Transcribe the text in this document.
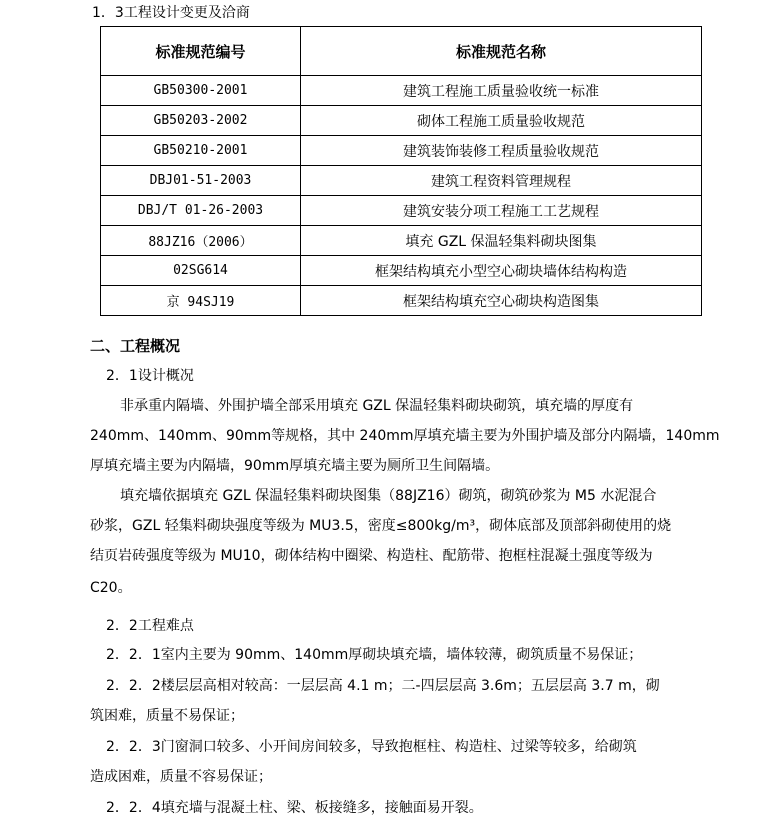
1．3工程设计变更及洽商
标准规范编号	标准规范名称
GB50300-2001	建筑工程施工质量验收统一标准
GB50203-2002	砌体工程施工质量验收规范
GB50210-2001	建筑装饰装修工程质量验收规范
DBJ01-51-2003	建筑工程资料管理规程
DBJ/T 01-26-2003	建筑安装分项工程施工工艺规程
88JZ16（2006）	填充 GZL 保温轻集料砌块图集
02SG614	框架结构填充小型空心砌块墙体结构构造
京 94SJ19	框架结构填充空心砌块构造图集
二、工程概况
2．1设计概况
非承重内隔墙、外围护墙全部采用填充 GZL 保温轻集料砌块砌筑，填充墙的厚度有
240mm、140mm、90mm等规格，其中 240mm厚填充墙主要为外围护墙及部分内隔墙，140mm
厚填充墙主要为内隔墙，90mm厚填充墙主要为厕所卫生间隔墙。
填充墙依据填充 GZL 保温轻集料砌块图集（88JZ16）砌筑，砌筑砂浆为 M5 水泥混合
砂浆，GZL 轻集料砌块强度等级为 MU3.5，密度≤800kg/m³，砌体底部及顶部斜砌使用的烧
结页岩砖强度等级为 MU10，砌体结构中圈梁、构造柱、配筋带、抱框柱混凝土强度等级为
C20。
2．2工程难点
2．2．1室内主要为 90mm、140mm厚砌块填充墙，墙体较薄，砌筑质量不易保证；
2．2．2楼层层高相对较高：一层层高 4.1 m；二-四层层高 3.6m；五层层高 3.7 m，砌
筑困难，质量不易保证；
2．2．3门窗洞口较多、小开间房间较多，导致抱框柱、构造柱、过梁等较多，给砌筑
造成困难，质量不容易保证；
2．2．4填充墙与混凝土柱、梁、板接缝多，接触面易开裂。
